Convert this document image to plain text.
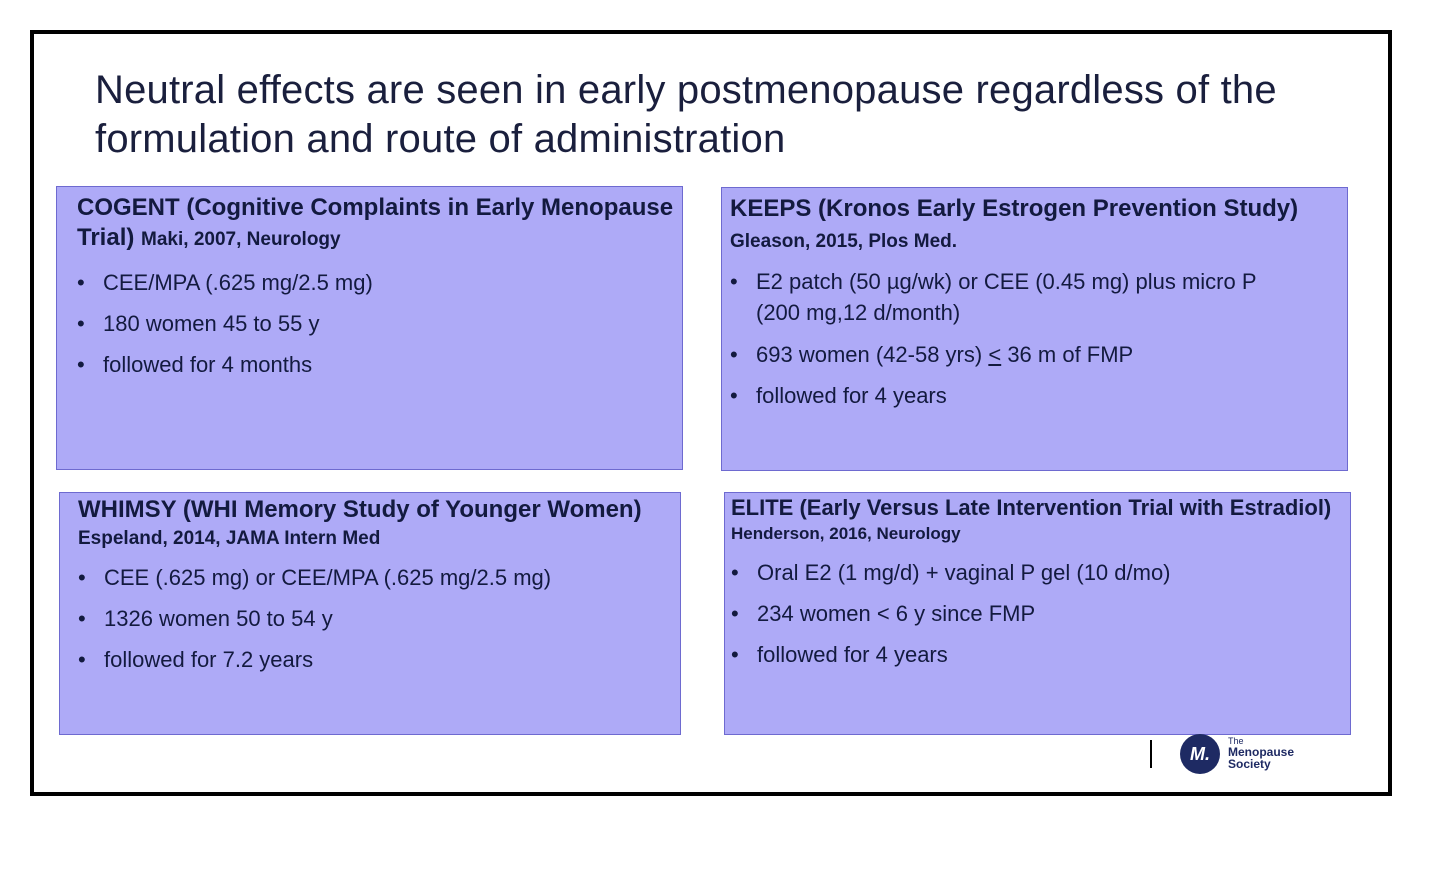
Neutral effects are seen in early postmenopause regardless of the formulation and route of administration

COGENT (Cognitive Complaints in Early Menopause Trial) Maki, 2007, Neurology

• CEE/MPA (.625 mg/2.5 mg)
• 180 women 45 to 55 y
• followed for 4 months

KEEPS (Kronos Early Estrogen Prevention Study)

Gleason, 2015, Plos Med.

• E2 patch (50 µg/wk) or CEE (0.45 mg) plus micro P (200 mg,12 d/month)
• 693 women (42-58 yrs) ≤ 36 m of FMP
• followed for 4 years

WHIMSY (WHI Memory Study of Younger Women)

Espeland, 2014, JAMA Intern Med

• CEE (.625 mg) or CEE/MPA (.625 mg/2.5 mg)
• 1326 women 50 to 54 y
• followed for 7.2 years

ELITE (Early Versus Late Intervention Trial with Estradiol)

Henderson, 2016, Neurology

• Oral E2 (1 mg/d) + vaginal P gel (10 d/mo)
• 234 women < 6 y since FMP
• followed for 4 years
M.
The
Menopause
Society
